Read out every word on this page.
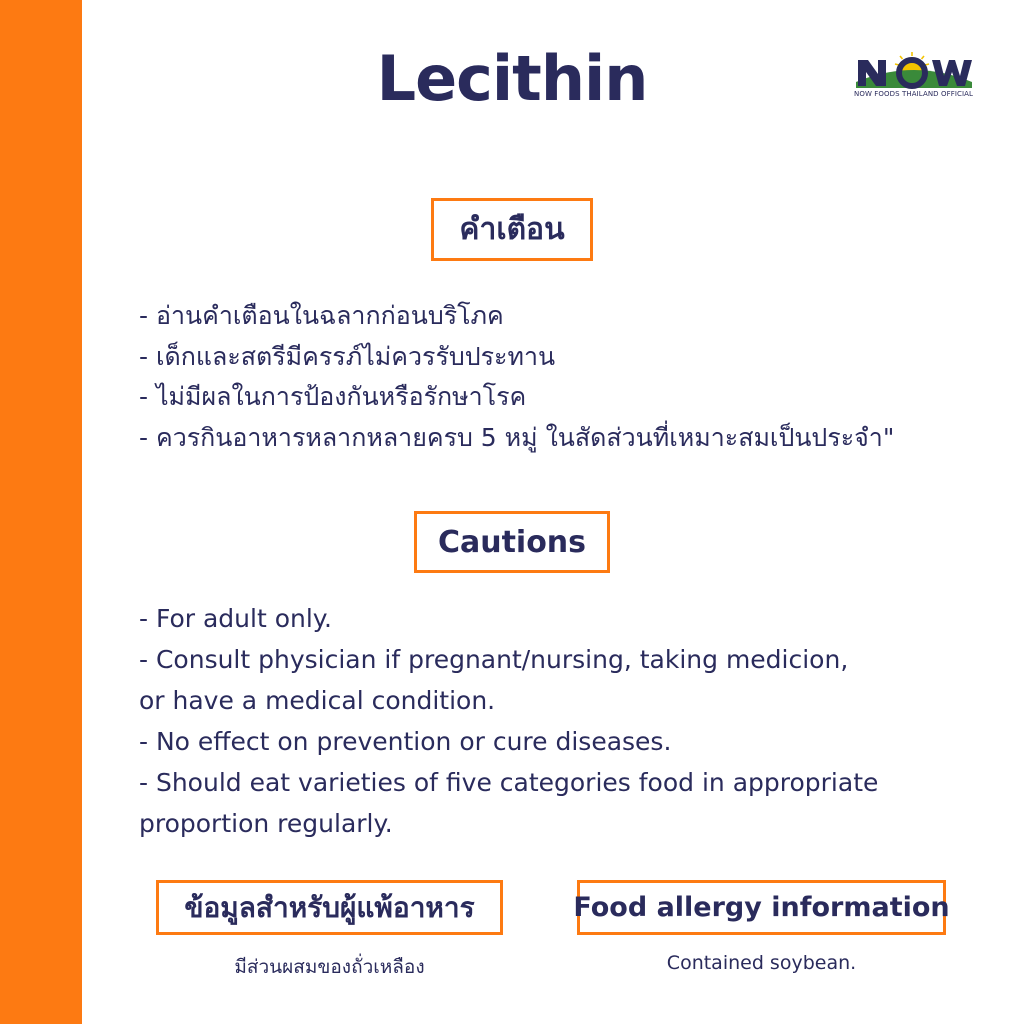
Lecithin	NOW FOODS THAILAND OFFICIAL
คำเตือน
- อ่านคำเตือนในฉลากก่อนบริโภค
- เด็กและสตรีมีครรภ์ไม่ควรรับประทาน
- ไม่มีผลในการป้องกันหรือรักษาโรค
- ควรกินอาหารหลากหลายครบ 5 หมู่ ในสัดส่วนที่เหมาะสมเป็นประจำ"
Cautions
- For adult only.
- Consult physician if pregnant/nursing, taking medicion,
or have a medical condition.
- No effect on prevention or cure diseases.
- Should eat varieties of five categories food in appropriate
proportion regularly.
ข้อมูลสำหรับผู้แพ้อาหาร	Food allergy information
มีส่วนผสมของถั่วเหลือง	Contained soybean.
